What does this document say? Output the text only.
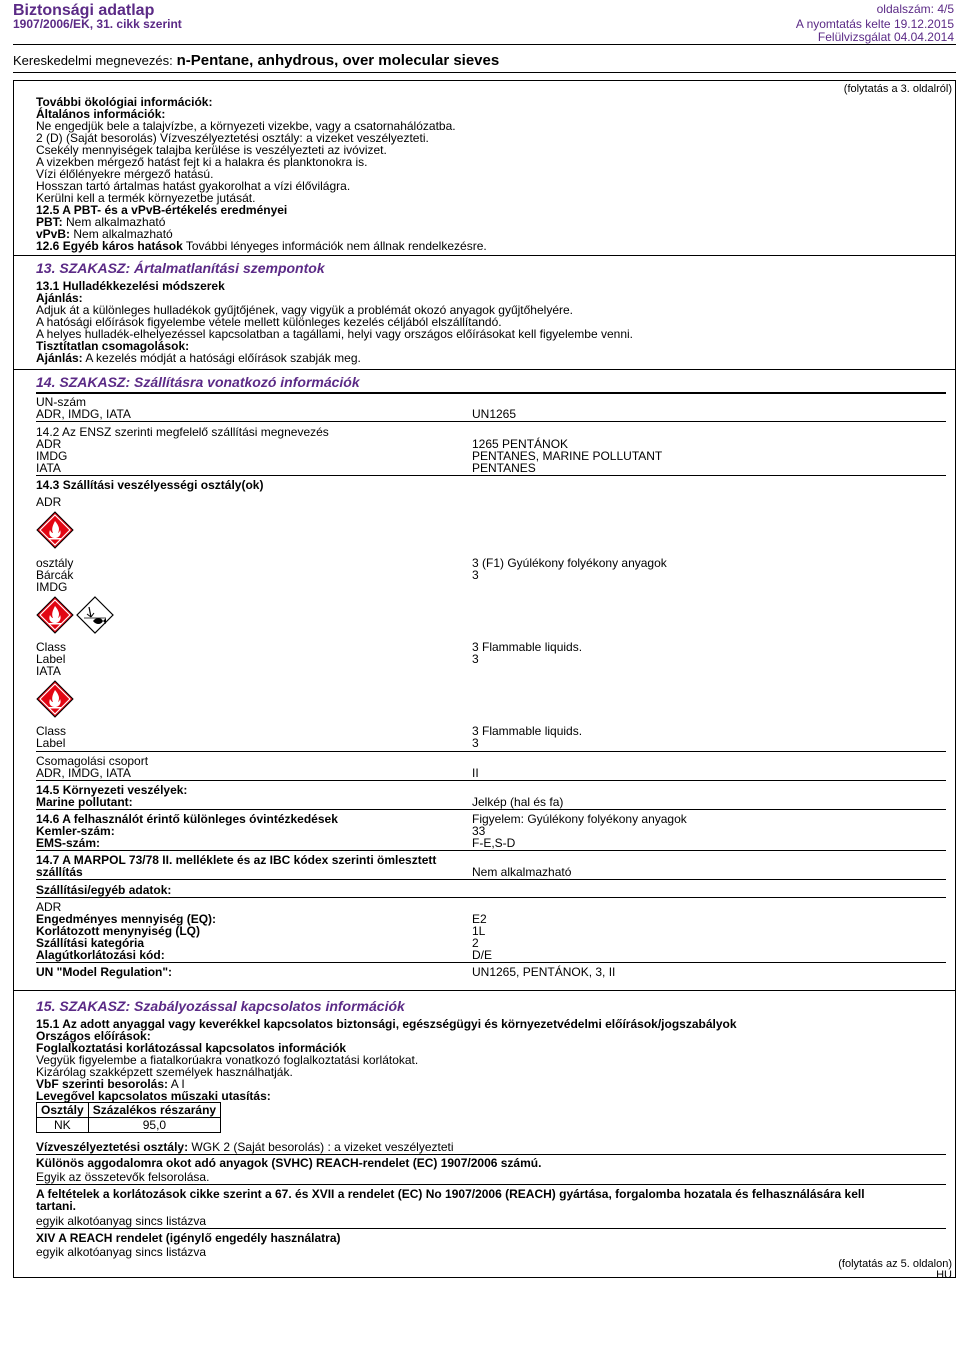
Biztonsági adatlap
1907/2006/EK, 31. cikk szerint
oldalszám: 4/5
A nyomtatás kelte 19.12.2015
Felülvizsgálat 04.04.2014
Kereskedelmi megnevezés: n-Pentane, anhydrous, over molecular sieves
(folytatás a 3. oldalról)
További ökológiai információk:
Általános információk:
Ne engedjük bele a talajvízbe, a környezeti vizekbe, vagy a csatornahálózatba.
2 (D) (Saját besorolás) Vízveszélyeztetési osztály: a vizeket veszélyezteti.
Csekély mennyiségek talajba kerülése is veszélyezteti az ivóvizet.
A vizekben mérgező hatást fejt ki a halakra és planktonokra is.
Vízi élőlényekre mérgező hatású.
Hosszan tartó ártalmas hatást gyakorolhat a vízi élővilágra.
Kerülni kell a termék környezetbe jutását.
12.5 A PBT- és a vPvB-értékelés eredményei
PBT: Nem alkalmazható
vPvB: Nem alkalmazható
12.6 Egyéb káros hatások További lényeges információk nem állnak rendelkezésre.
13. SZAKASZ: Ártalmatlanítási szempontok
13.1 Hulladékkezelési módszerek
Ajánlás:
Adjuk át a különleges hulladékok gyűjtőjének, vagy vigyük a problémát okozó anyagok gyűjtőhelyére.
A hatósági előírások figyelembe vétele mellett különleges kezelés céljából elszállítandó.
A helyes hulladék-elhelyezéssel kapcsolatban a tagállami, helyi vagy országos előírásokat kell figyelembe venni.
Tisztítatlan csomagolások:
Ajánlás: A kezelés módját a hatósági előírások szabják meg.
14. SZAKASZ: Szállításra vonatkozó információk
UN-szám
ADR, IMDG, IATA	UN1265
14.2 Az ENSZ szerinti megfelelő szállítási megnevezés
ADR	1265 PENTÁNOK
IMDG	PENTANES, MARINE POLLUTANT
IATA	PENTANES
14.3 Szállítási veszélyességi osztály(ok)
ADR
osztály	3 (F1) Gyúlékony folyékony anyagok
Bárcák	3
IMDG
Class	3 Flammable liquids.
Label	3
IATA
Class	3 Flammable liquids.
Label	3
Csomagolási csoport
ADR, IMDG, IATA	II
14.5 Környezeti veszélyek:
Marine pollutant:	Jelkép (hal és fa)
14.6 A felhasználót érintő különleges óvintézkedések	Figyelem: Gyúlékony folyékony anyagok
Kemler-szám:	33
EMS-szám:	F-E,S-D
14.7 A MARPOL 73/78 II. melléklete és az IBC kódex szerinti ömlesztett
szállítás	Nem alkalmazható
Szállítási/egyéb adatok:
ADR
Engedményes mennyiség (EQ):	E2
Korlátozott menynyiség (LQ)	1L
Szállítási kategória	2
Alagútkorlátozási kód:	D/E
UN "Model Regulation":	UN1265, PENTÁNOK, 3, II
15. SZAKASZ: Szabályozással kapcsolatos információk
15.1 Az adott anyaggal vagy keverékkel kapcsolatos biztonsági, egészségügyi és környezetvédelmi előírások/jogszabályok
Országos előírások:
Foglalkoztatási korlátozással kapcsolatos információk
Vegyük figyelembe a fiatalkorúakra vonatkozó foglalkoztatási korlátokat.
Kizárólag szakképzett személyek használhatják.
VbF szerinti besorolás: A I
Levegővel kapcsolatos műszaki utasítás:
Osztály	Százalékos részarány
NK	95,0
Vízveszélyeztetési osztály: WGK 2 (Saját besorolás) : a vizeket veszélyezteti
Különös aggodalomra okot adó anyagok (SVHC) REACH-rendelet (EC) 1907/2006 számú.
Egyik az összetevők felsorolása.
A feltételek a korlátozások cikke szerint a 67. és XVII a rendelet (EC) No 1907/2006 (REACH) gyártása, forgalomba hozatala és felhasználására kell
tartani.
egyik alkotóanyag sincs listázva
XIV A REACH rendelet (igénylő engedély használatra)
egyik alkotóanyag sincs listázva
(folytatás az 5. oldalon)
HU
